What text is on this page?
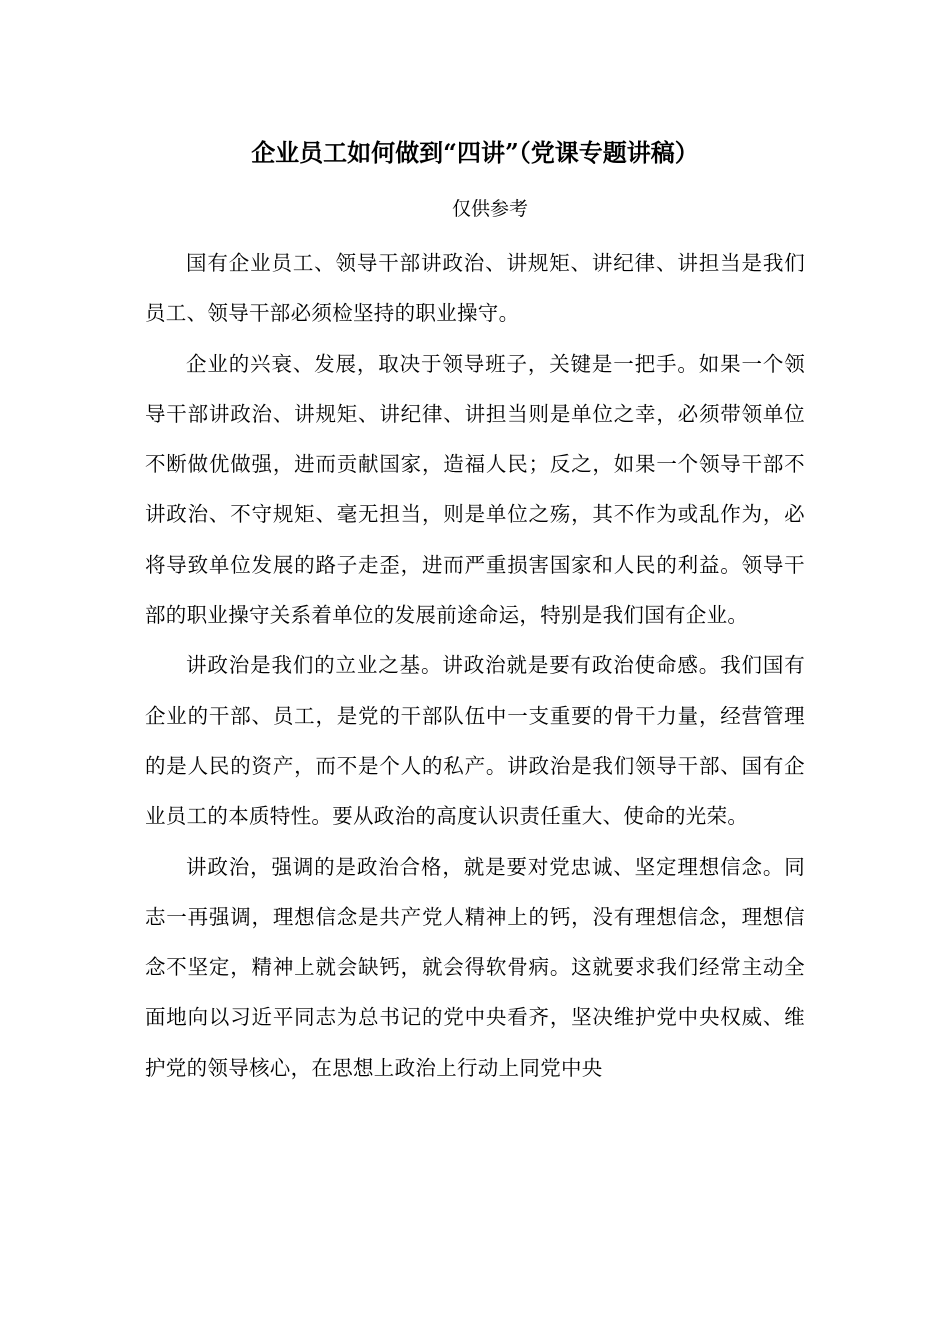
企业员工如何做到“四讲”（党课专题讲稿）
仅供参考

国有企业员工、领导干部讲政治、讲规矩、讲纪律、讲担当是我们员工、领导干部必须检坚持的职业操守。

企业的兴衰、发展，取决于领导班子，关键是一把手。如果一个领导干部讲政治、讲规矩、讲纪律、讲担当则是单位之幸，必须带领单位不断做优做强，进而贡献国家，造福人民；反之，如果一个领导干部不讲政治、不守规矩、毫无担当，则是单位之殇，其不作为或乱作为，必将导致单位发展的路子走歪，进而严重损害国家和人民的利益。领导干部的职业操守关系着单位的发展前途命运，特别是我们国有企业。

讲政治是我们的立业之基。讲政治就是要有政治使命感。我们国有企业的干部、员工，是党的干部队伍中一支重要的骨干力量，经营管理的是人民的资产，而不是个人的私产。讲政治是我们领导干部、国有企业员工的本质特性。要从政治的高度认识责任重大、使命的光荣。

讲政治，强调的是政治合格，就是要对党忠诚、坚定理想信念。同志一再强调，理想信念是共产党人精神上的钙，没有理想信念，理想信念不坚定，精神上就会缺钙，就会得软骨病。这就要求我们经常主动全面地向以习近平同志为总书记的党中央看齐，坚决维护党中央权威、维护党的领导核心，在思想上政治上行动上同党中央
